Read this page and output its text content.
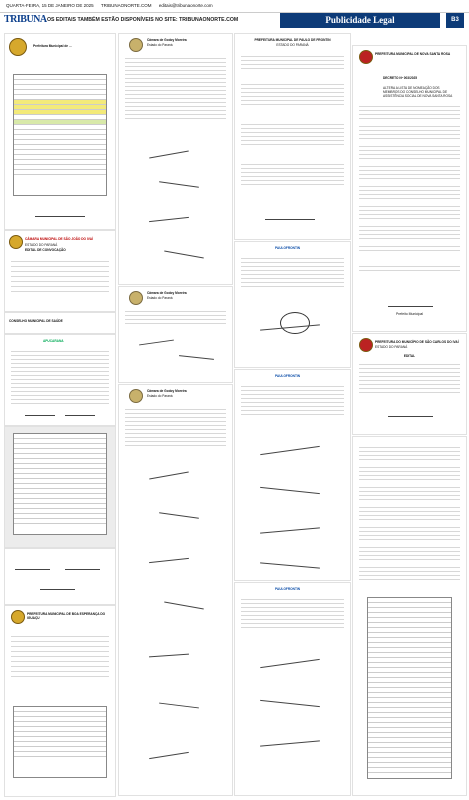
QUARTA-FEIRA, 15 DE JANEIRO DE 2025 TRIBUNAONORTE.COM editais@tribunaonorte.com
TRIBUNA OS EDITAIS TAMBÉM ESTÃO DISPONÍVEIS NO SITE: TRIBUNAONORTE.COM	Publicidade Legal	B3
Prefeitura Municipal de ...
CÂMARA MUNICIPAL DE SÃO JOÃO DO IVAÍ
ESTADO DO PARANÁ
EDITAL DE CONVOCAÇÃO
CONSELHO MUNICIPAL DE SAÚDE
APUCARANA
PREFEITURA MUNICIPAL DE BOA ESPERANÇA DO IGUAÇU
Câmara de Godoy Moreira
Estado do Paraná
Câmara de Godoy Moreira
Estado do Paraná
Câmara de Godoy Moreira
Estado do Paraná
PREFEITURA MUNICIPAL DE PAULO DE FRONTIN
ESTADO DO PARANÁ
PAULOFRONTIN
PAULOFRONTIN
PAULOFRONTIN
PREFEITURA MUNICIPAL DE NOVA SANTA ROSA
DECRETO Nº 003/2025
ALTERA A LISTA DE NOMEAÇÃO DOS MEMBROS DO CONSELHO MUNICIPAL DE ASSISTÊNCIA SOCIAL DE NOVA SANTA ROSA
Prefeito Municipal
PREFEITURA DO MUNICÍPIO DE SÃO CARLOS DO IVAÍ
ESTADO DO PARANÁ
EDITAL
